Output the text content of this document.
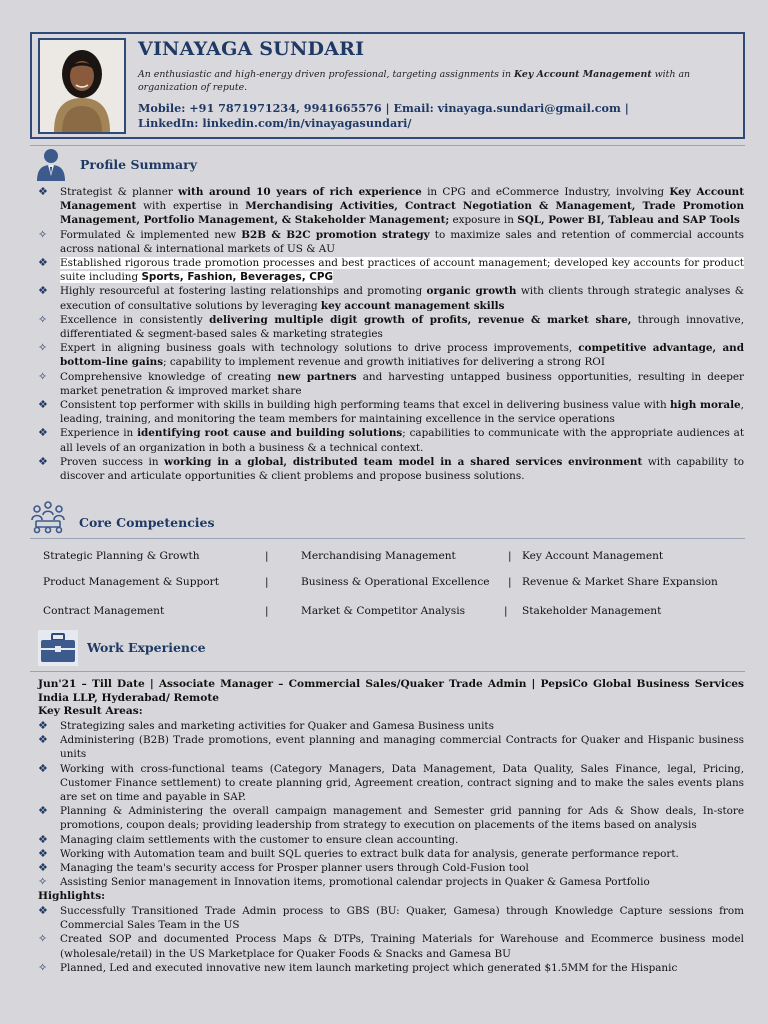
VINAYAGA SUNDARI
An enthusiastic and high-energy driven professional, targeting assignments in Key Account Management with an organization of repute.
Mobile: +91 7871971234, 9941665576 | Email: vinayaga.sundari@gmail.com |
LinkedIn: linkedin.com/in/vinayagasundari/
Profile Summary
❖ Strategist & planner with around 10 years of rich experience in CPG and eCommerce Industry, involving Key Account Management with expertise in Merchandising Activities, Contract Negotiation & Management, Trade Promotion Management, Portfolio Management, & Stakeholder Management; exposure in SQL, Power BI, Tableau and SAP Tools
✧ Formulated & implemented new B2B & B2C promotion strategy to maximize sales and retention of commercial accounts across national & international markets of US & AU
❖ Established rigorous trade promotion processes and best practices of account management; developed key accounts for product suite including Sports, Fashion, Beverages, CPG
❖ Highly resourceful at fostering lasting relationships and promoting organic growth with clients through strategic analyses & execution of consultative solutions by leveraging key account management skills
✧ Excellence in consistently delivering multiple digit growth of profits, revenue & market share, through innovative, differentiated & segment-based sales & marketing strategies
✧ Expert in aligning business goals with technology solutions to drive process improvements, competitive advantage, and bottom-line gains; capability to implement revenue and growth initiatives for delivering a strong ROI
✧ Comprehensive knowledge of creating new partners and harvesting untapped business opportunities, resulting in deeper market penetration & improved market share
❖ Consistent top performer with skills in building high performing teams that excel in delivering business value with high morale, leading, training, and monitoring the team members for maintaining excellence in the service operations
❖ Experience in identifying root cause and building solutions; capabilities to communicate with the appropriate audiences at all levels of an organization in both a business & a technical context.
❖ Proven success in working in a global, distributed team model in a shared services environment with capability to discover and articulate opportunities & client problems and propose business solutions.
Core Competencies
Strategic Planning & Growth	Merchandising Management	Key Account Management
|	|
Product Management & Support	Business & Operational Excellence	Revenue & Market Share Expansion
|	|
Contract Management	Market & Competitor Analysis	Stakeholder Management
|	|
Work Experience
Jun'21 – Till Date | Associate Manager – Commercial Sales/Quaker Trade Admin | PepsiCo Global Business Services India LLP, Hyderabad/ Remote
Key Result Areas:
❖ Strategizing sales and marketing activities for Quaker and Gamesa Business units
❖ Administering (B2B) Trade promotions, event planning and managing commercial Contracts for Quaker and Hispanic business units
❖ Working with cross-functional teams (Category Managers, Data Management, Data Quality, Sales Finance, legal, Pricing, Customer Finance settlement) to create planning grid, Agreement creation, contract signing and to make the sales events plans are set on time and payable in SAP.
❖ Planning & Administering the overall campaign management and Semester grid panning for Ads & Show deals, In-store promotions, coupon deals; providing leadership from strategy to execution on placements of the items based on analysis
❖ Managing claim settlements with the customer to ensure clean accounting.
❖ Working with Automation team and built SQL queries to extract bulk data for analysis, generate performance report.
❖ Managing the team's security access for Prosper planner users through Cold-Fusion tool
✧ Assisting Senior management in Innovation items, promotional calendar projects in Quaker & Gamesa Portfolio
Highlights:
❖ Successfully Transitioned Trade Admin process to GBS (BU: Quaker, Gamesa) through Knowledge Capture sessions from Commercial Sales Team in the US
✧ Created SOP and documented Process Maps & DTPs, Training Materials for Warehouse and Ecommerce business model (wholesale/retail) in the US Marketplace for Quaker Foods & Snacks and Gamesa BU
✧ Planned, Led and executed innovative new item launch marketing project which generated $1.5MM for the Hispanic
